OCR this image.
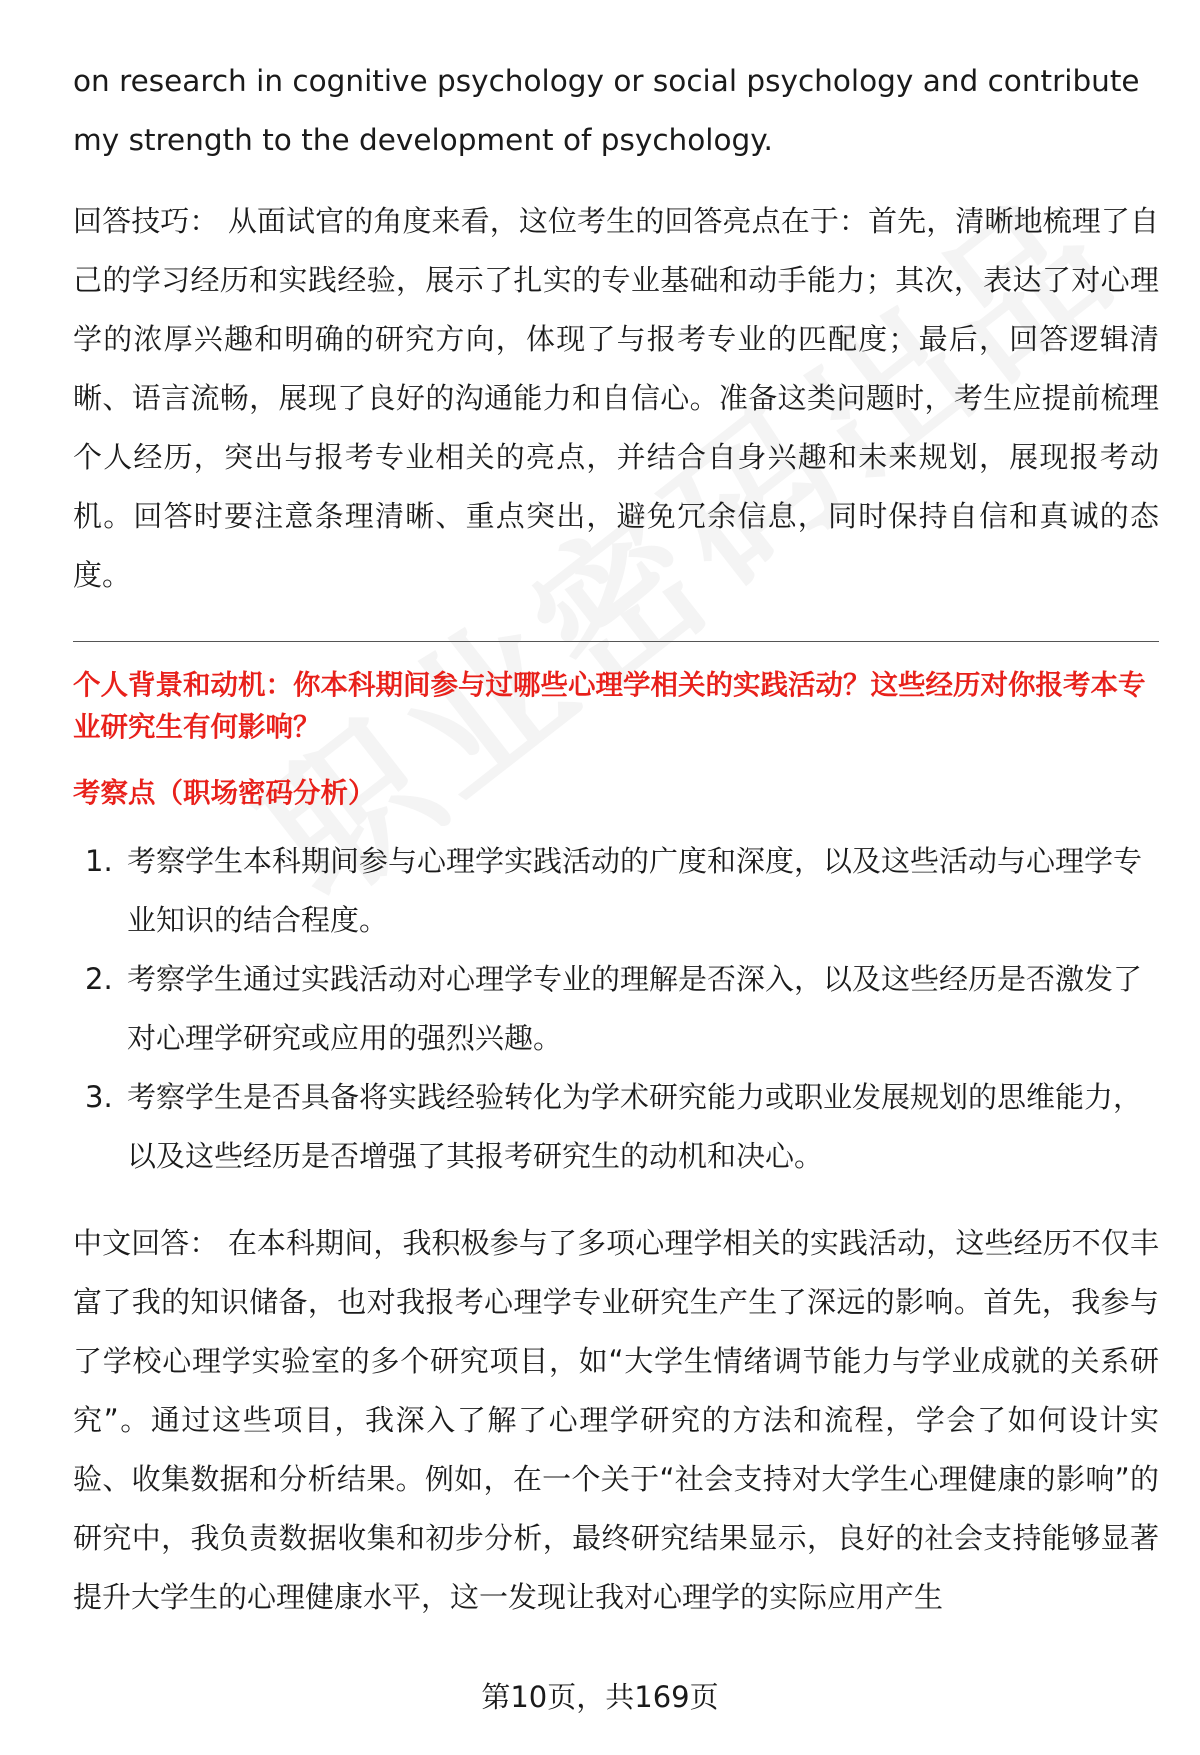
on research in cognitive psychology or social psychology and contribute my strength to the development of psychology.

回答技巧： 从面试官的角度来看，这位考生的回答亮点在于：首先，清晰地梳理了自己的学习经历和实践经验，展示了扎实的专业基础和动手能力；其次，表达了对心理学的浓厚兴趣和明确的研究方向，体现了与报考专业的匹配度；最后，回答逻辑清晰、语言流畅，展现了良好的沟通能力和自信心。准备这类问题时，考生应提前梳理个人经历，突出与报考专业相关的亮点，并结合自身兴趣和未来规划，展现报考动机。回答时要注意条理清晰、重点突出，避免冗余信息，同时保持自信和真诚的态度。

个人背景和动机：你本科期间参与过哪些心理学相关的实践活动？这些经历对你报考本专业研究生有何影响？

考察点（职场密码分析）

1. 考察学生本科期间参与心理学实践活动的广度和深度，以及这些活动与心理学专业知识的结合程度。
2. 考察学生通过实践活动对心理学专业的理解是否深入，以及这些经历是否激发了对心理学研究或应用的强烈兴趣。
3. 考察学生是否具备将实践经验转化为学术研究能力或职业发展规划的思维能力，以及这些经历是否增强了其报考研究生的动机和决心。

中文回答： 在本科期间，我积极参与了多项心理学相关的实践活动，这些经历不仅丰富了我的知识储备，也对我报考心理学专业研究生产生了深远的影响。首先，我参与了学校心理学实验室的多个研究项目，如“大学生情绪调节能力与学业成就的关系研究”。通过这些项目，我深入了解了心理学研究的方法和流程，学会了如何设计实验、收集数据和分析结果。例如，在一个关于“社会支持对大学生心理健康的影响”的研究中，我负责数据收集和初步分析，最终研究结果显示，良好的社会支持能够显著提升大学生的心理健康水平，这一发现让我对心理学的实际应用产生

第10页，共169页
